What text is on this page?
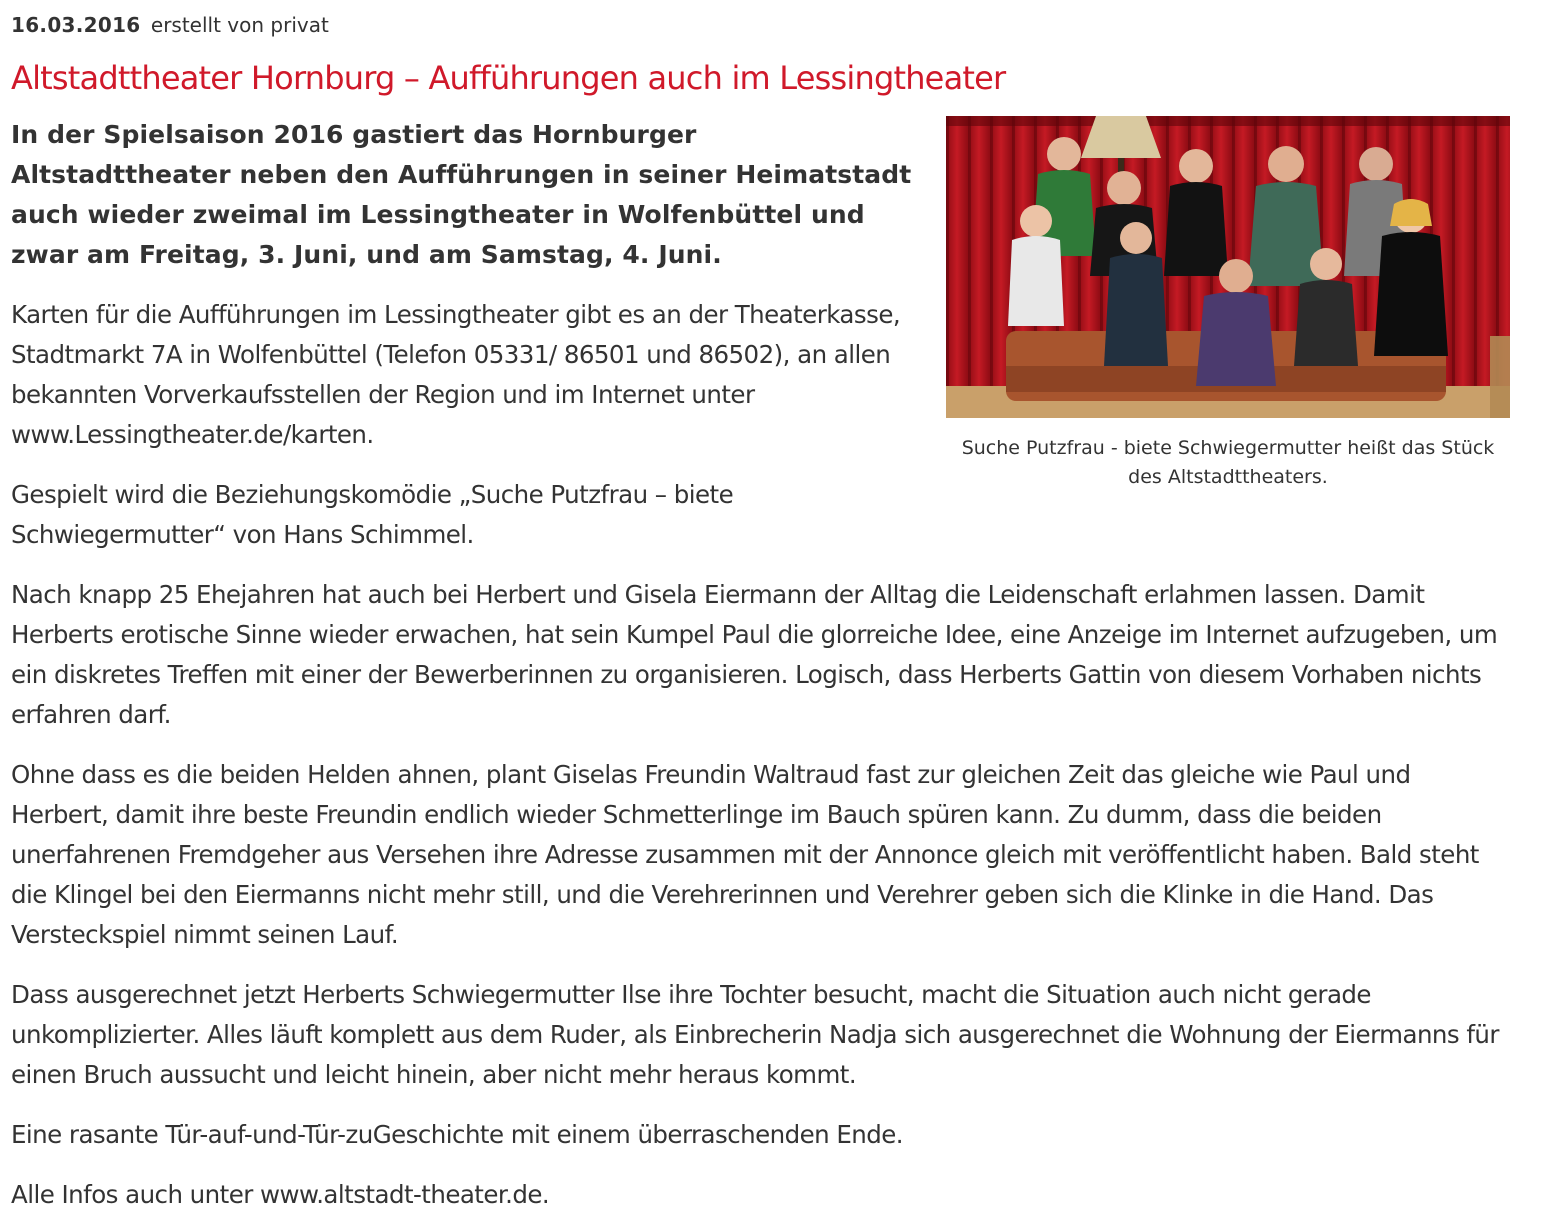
16.03.2016 erstellt von privat
Altstadttheater Hornburg – Aufführungen auch im Lessingtheater

In der Spielsaison 2016 gastiert das Hornburger Altstadttheater neben den Aufführungen in seiner Heimatstadt auch wieder zweimal im Lessingtheater in Wolfenbüttel und zwar am Freitag, 3. Juni, und am Samstag, 4. Juni.

Suche Putzfrau - biete Schwiegermutter heißt das Stück des Altstadttheaters.

Karten für die Aufführungen im Lessingtheater gibt es an der Theaterkasse, Stadtmarkt 7A in Wolfenbüttel (Telefon 05331/ 86501 und 86502), an allen bekannten Vorverkaufsstellen der Region und im Internet unter www.Lessingtheater.de/karten.

Gespielt wird die Beziehungskomödie „Suche Putzfrau – biete Schwiegermutter“ von Hans Schimmel.

Nach knapp 25 Ehejahren hat auch bei Herbert und Gisela Eiermann der Alltag die Leidenschaft erlahmen lassen. Damit Herberts erotische Sinne wieder erwachen, hat sein Kumpel Paul die glorreiche Idee, eine Anzeige im Internet aufzugeben, um ein diskretes Treffen mit einer der Bewerberinnen zu organisieren. Logisch, dass Herberts Gattin von diesem Vorhaben nichts erfahren darf.

Ohne dass es die beiden Helden ahnen, plant Giselas Freundin Waltraud fast zur gleichen Zeit das gleiche wie Paul und Herbert, damit ihre beste Freundin endlich wieder Schmetterlinge im Bauch spüren kann. Zu dumm, dass die beiden unerfahrenen Fremdgeher aus Versehen ihre Adresse zusammen mit der Annonce gleich mit veröffentlicht haben. Bald steht die Klingel bei den Eiermanns nicht mehr still, und die Verehrerinnen und Verehrer geben sich die Klinke in die Hand. Das Versteckspiel nimmt seinen Lauf.

Dass ausgerechnet jetzt Herberts Schwiegermutter Ilse ihre Tochter besucht, macht die Situation auch nicht gerade unkomplizierter. Alles läuft komplett aus dem Ruder, als Einbrecherin Nadja sich ausgerechnet die Wohnung der Eiermanns für einen Bruch aussucht und leicht hinein, aber nicht mehr heraus kommt.

Eine rasante Tür-auf-und-Tür-zuGeschichte mit einem überraschenden Ende.

Alle Infos auch unter www.altstadt-theater.de.
